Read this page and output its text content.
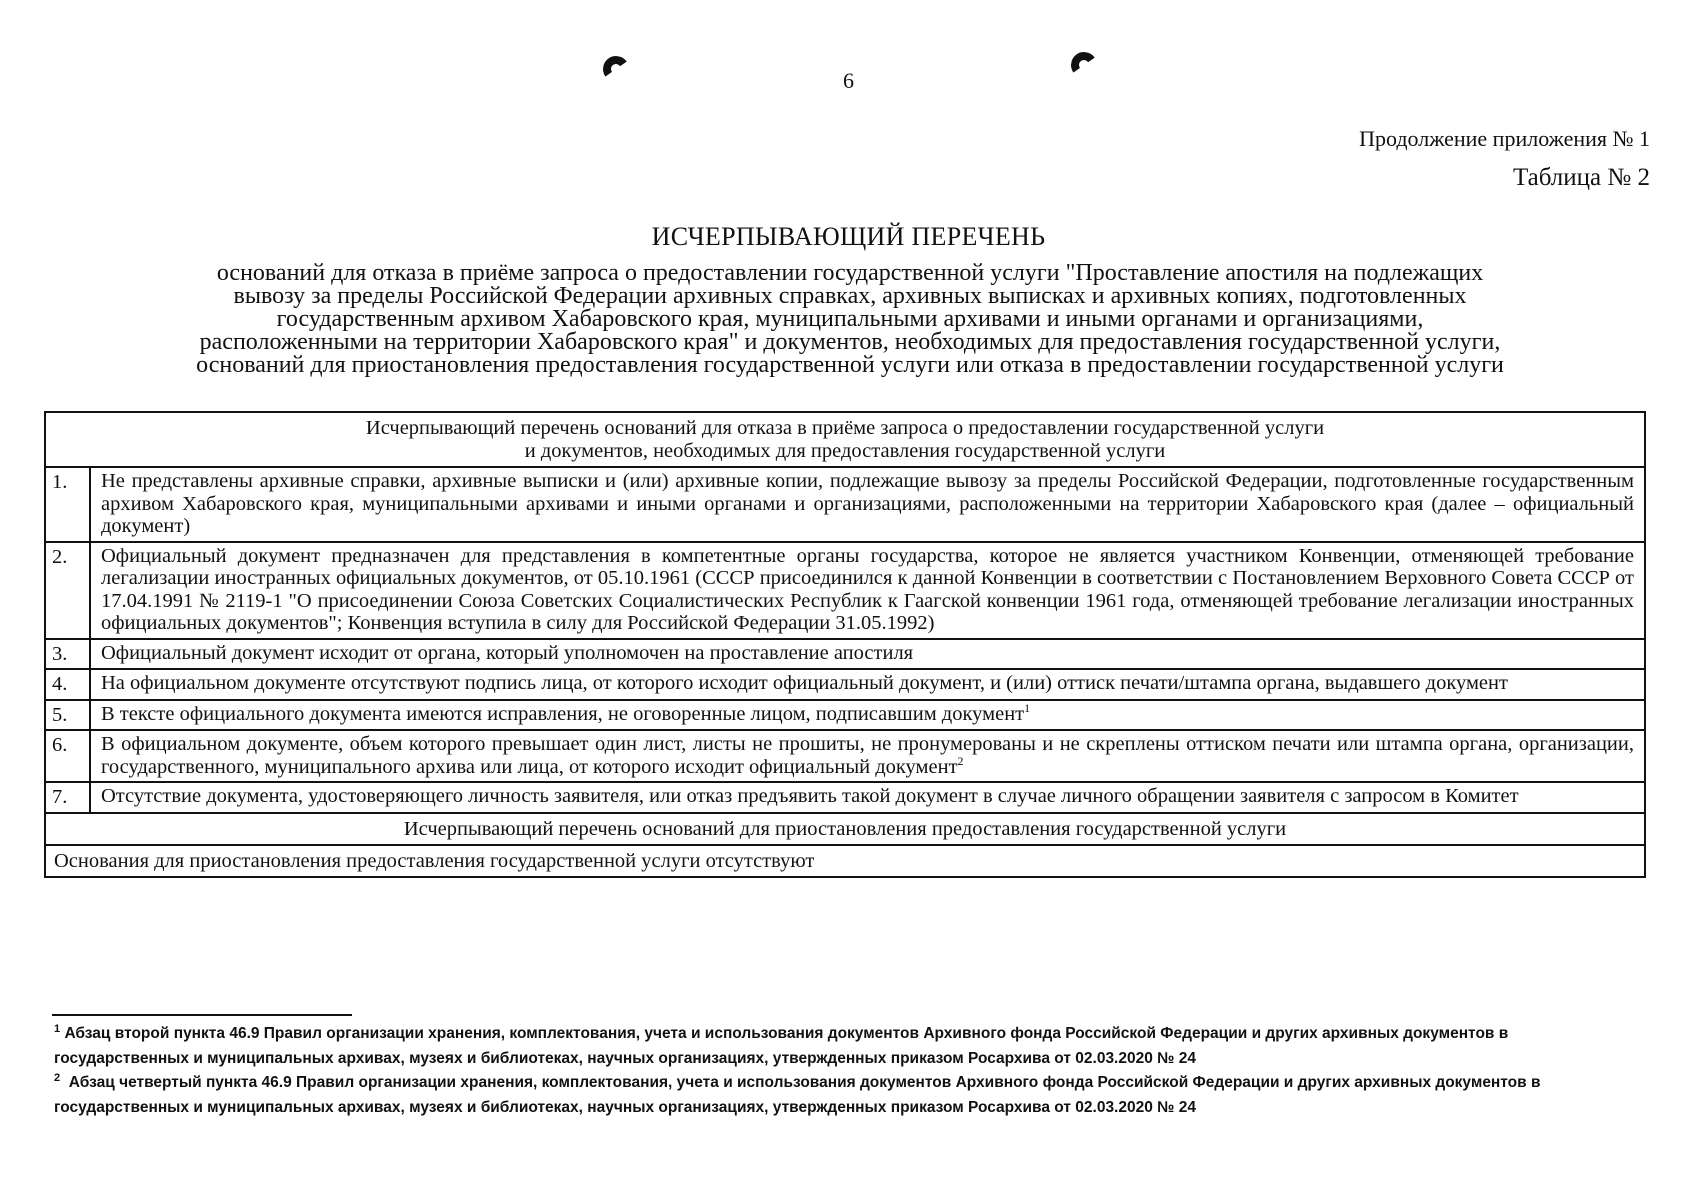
6
Продолжение приложения № 1
Таблица № 2
ИСЧЕРПЫВАЮЩИЙ ПЕРЕЧЕНЬ
оснований для отказа в приёме запроса о предоставлении государственной услуги "Проставление апостиля на подлежащих
вывозу за пределы Российской Федерации архивных справках, архивных выписках и архивных копиях, подготовленных
государственным архивом Хабаровского края, муниципальными архивами и иными органами и организациями,
расположенными на территории Хабаровского края" и документов, необходимых для предоставления государственной услуги,
оснований для приостановления предоставления государственной услуги или отказа в предоставлении государственной услуги
Исчерпывающий перечень оснований для отказа в приёме запроса о предоставлении государственной услуги
и документов, необходимых для предоставления государственной услуги	

1.	Не представлены архивные справки, архивные выписки и (или) архивные копии, подлежащие вывозу за пределы Российской Федерации, подготовленные государственным архивом Хабаровского края, муниципальными архивами и иными органами и организациями, расположенными на территории Хабаровского края (далее – официальный документ)
2.	Официальный документ предназначен для представления в компетентные органы государства, которое не является участником Конвенции, отменяющей требование легализации иностранных официальных документов, от 05.10.1961 (СССР присоединился к данной Конвенции в соответствии с Постановлением Верховного Совета СССР от 17.04.1991 № 2119-1 "О присоединении Союза Советских Социалистических Республик к Гаагской конвенции 1961 года, отменяющей требование легализации иностранных официальных документов"; Конвенция вступила в силу для Российской Федерации 31.05.1992)
3.	Официальный документ исходит от органа, который уполномочен на проставление апостиля
4.	На официальном документе отсутствуют подпись лица, от которого исходит официальный документ, и (или) оттиск печати/штампа органа, выдавшего документ
5.	В тексте официального документа имеются исправления, не оговоренные лицом, подписавшим документ$^1$
6.	В официальном документе, объем которого превышает один лист, листы не прошиты, не пронумерованы и не скреплены оттиском печати или штампа органа, организации, государственного, муниципального архива или лица, от которого исходит официальный документ$^2$
7.	Отсутствие документа, удостоверяющего личность заявителя, или отказ предъявить такой документ в случае личного обращении заявителя с запросом в Комитет
Исчерпывающий перечень оснований для приостановления предоставления государственной услуги	
Основания для приостановления предоставления государственной услуги отсутствуют	
$^1$ Абзац второй пункта 46.9 Правил организации хранения, комплектования, учета и использования документов Архивного фонда Российской Федерации и других архивных документов в государственных и муниципальных архивах, музеях и библиотеках, научных организациях, утвержденных приказом Росархива от 02.03.2020 № 24
$^2$ Абзац четвертый пункта 46.9 Правил организации хранения, комплектования, учета и использования документов Архивного фонда Российской Федерации и других архивных документов в государственных и муниципальных архивах, музеях и библиотеках, научных организациях, утвержденных приказом Росархива от 02.03.2020 № 24
